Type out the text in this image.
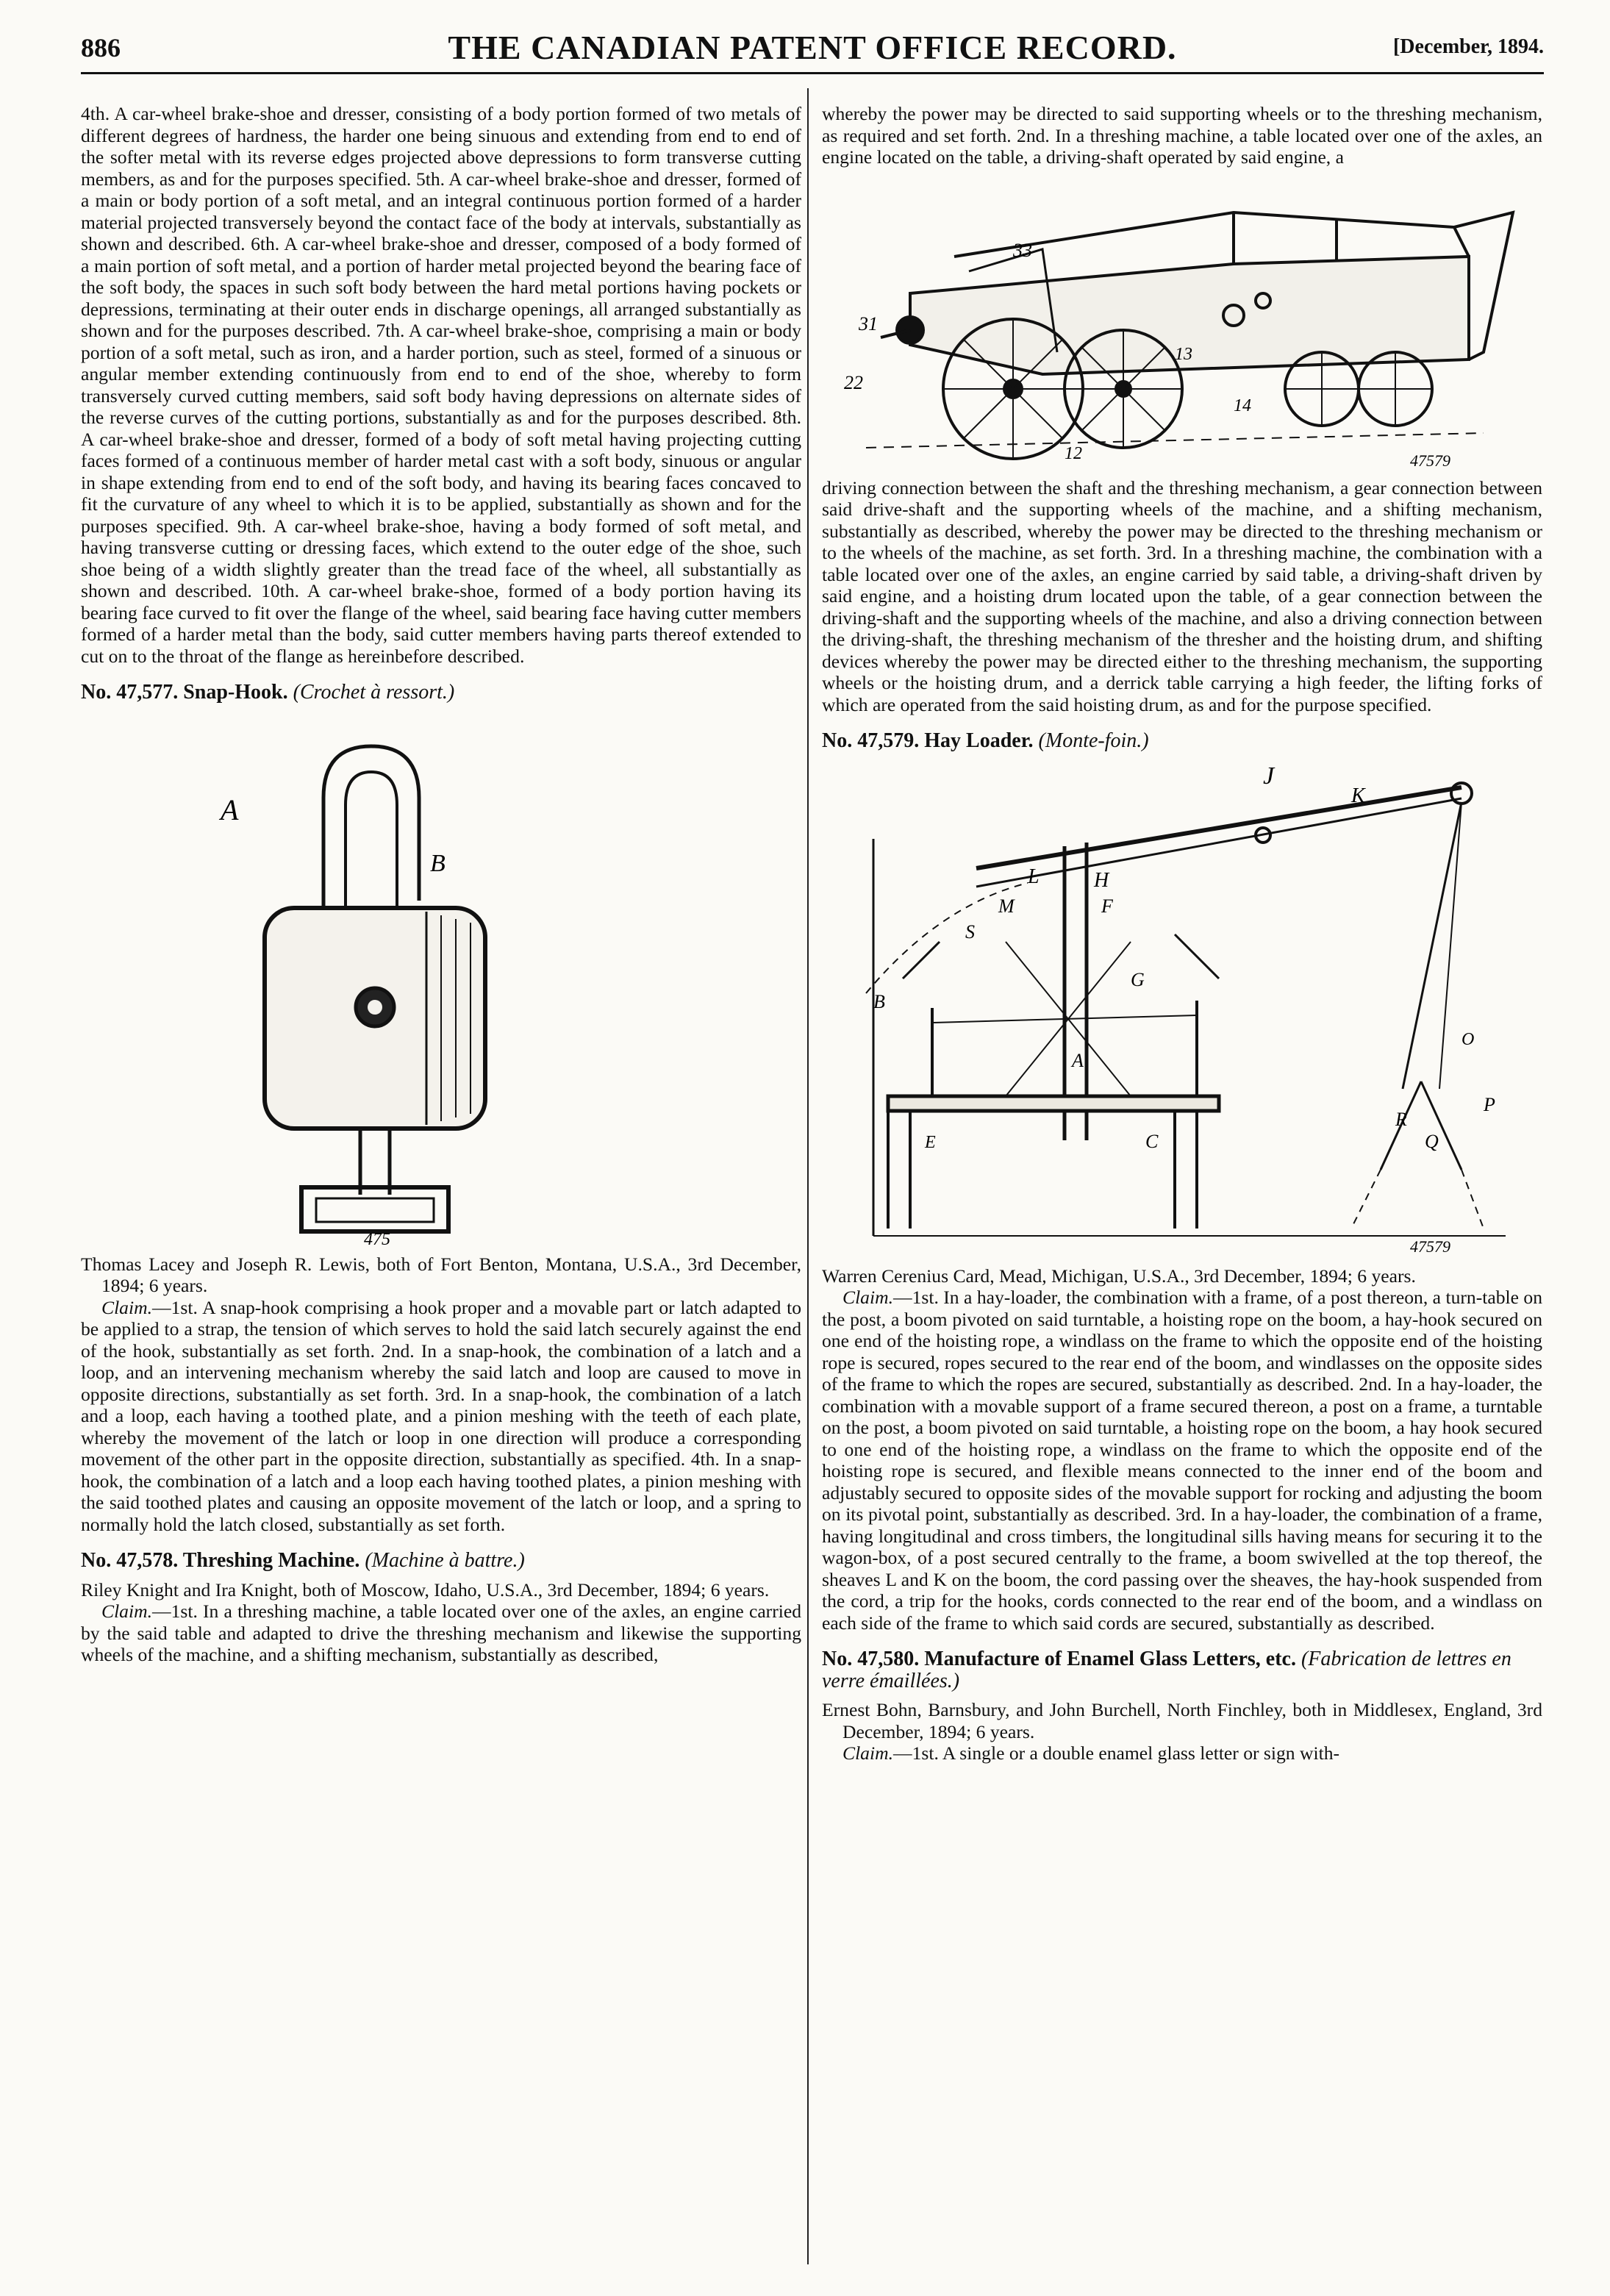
886	THE CANADIAN PATENT OFFICE RECORD.	[December, 1894.

4th. A car-wheel brake-shoe and dresser, consisting of a body portion formed of two metals of different degrees of hardness, the harder one being sinuous and extending from end to end of the softer metal with its reverse edges projected above depressions to form transverse cutting members, as and for the purposes specified. 5th. A car-wheel brake-shoe and dresser, formed of a main or body portion of a soft metal, and an integral continuous portion formed of a harder material projected transversely beyond the contact face of the body at intervals, substantially as shown and described. 6th. A car-wheel brake-shoe and dresser, composed of a body formed of a main portion of soft metal, and a portion of harder metal projected beyond the bearing face of the soft body, the spaces in such soft body between the hard metal portions having pockets or depressions, terminating at their outer ends in discharge openings, all arranged substantially as shown and for the purposes described. 7th. A car-wheel brake-shoe, comprising a main or body portion of a soft metal, such as iron, and a harder portion, such as steel, formed of a sinuous or angular member extending continuously from end to end of the shoe, whereby to form transversely curved cutting members, said soft body having depressions on alternate sides of the reverse curves of the cutting portions, substantially as and for the purposes described. 8th. A car-wheel brake-shoe and dresser, formed of a body of soft metal having projecting cutting faces formed of a continuous member of harder metal cast with a soft body, sinuous or angular in shape extending from end to end of the soft body, and having its bearing faces concaved to fit the curvature of any wheel to which it is to be applied, substantially as shown and for the purposes specified. 9th. A car-wheel brake-shoe, having a body formed of soft metal, and having transverse cutting or dressing faces, which extend to the outer edge of the shoe, such shoe being of a width slightly greater than the tread face of the wheel, all substantially as shown and described. 10th. A car-wheel brake-shoe, formed of a body portion having its bearing face curved to fit over the flange of the wheel, said bearing face having cutter members formed of a harder metal than the body, said cutter members having parts thereof extended to cut on to the throat of the flange as hereinbefore described.

No. 47,577. Snap-Hook. (Crochet à ressort.)
A
B
475

Thomas Lacey and Joseph R. Lewis, both of Fort Benton, Montana, U.S.A., 3rd December, 1894; 6 years.

Claim.—1st. A snap-hook comprising a hook proper and a movable part or latch adapted to be applied to a strap, the tension of which serves to hold the said latch securely against the end of the hook, substantially as set forth. 2nd. In a snap-hook, the combination of a latch and a loop, and an intervening mechanism whereby the said latch and loop are caused to move in opposite directions, substantially as set forth. 3rd. In a snap-hook, the combination of a latch and a loop, each having a toothed plate, and a pinion meshing with the teeth of each plate, whereby the movement of the latch or loop in one direction will produce a corresponding movement of the other part in the opposite direction, substantially as specified. 4th. In a snap-hook, the combination of a latch and a loop each having toothed plates, a pinion meshing with the said toothed plates and causing an opposite movement of the latch or loop, and a spring to normally hold the latch closed, substantially as set forth.

No. 47,578. Threshing Machine. (Machine à battre.)

Riley Knight and Ira Knight, both of Moscow, Idaho, U.S.A., 3rd December, 1894; 6 years.

Claim.—1st. In a threshing machine, a table located over one of the axles, an engine carried by the said table and adapted to drive the threshing mechanism and likewise the supporting wheels of the machine, and a shifting mechanism, substantially as described,

whereby the power may be directed to said supporting wheels or to the threshing mechanism, as required and set forth. 2nd. In a threshing machine, a table located over one of the axles, an engine located on the table, a driving-shaft operated by said engine, a

33
31
22
13
12
14
47579

driving connection between the shaft and the threshing mechanism, a gear connection between said drive-shaft and the supporting wheels of the machine, and a shifting mechanism, substantially as described, whereby the power may be directed to the threshing mechanism or to the wheels of the machine, as set forth. 3rd. In a threshing machine, the combination with a table located over one of the axles, an engine carried by said table, a driving-shaft driven by said engine, and a hoisting drum located upon the table, of a gear connection between the driving-shaft and the supporting wheels of the machine, and also a driving connection between the driving-shaft, the threshing mechanism of the thresher and the hoisting drum, and shifting devices whereby the power may be directed either to the threshing mechanism, the supporting wheels or the hoisting drum, and a derrick table carrying a high feeder, the lifting forks of which are operated from the said hoisting drum, as and for the purpose specified.

No. 47,579. Hay Loader. (Monte-foin.)
J
K
L	H
M	F
S
B
G
A
E	C
O
P
R
Q
47579

Warren Cerenius Card, Mead, Michigan, U.S.A., 3rd December, 1894; 6 years.

Claim.—1st. In a hay-loader, the combination with a frame, of a post thereon, a turn-table on the post, a boom pivoted on said turntable, a hoisting rope on the boom, a hay-hook secured on one end of the hoisting rope, a windlass on the frame to which the opposite end of the hoisting rope is secured, ropes secured to the rear end of the boom, and windlasses on the opposite sides of the frame to which the ropes are secured, substantially as described. 2nd. In a hay-loader, the combination with a movable support of a frame secured thereon, a post on a frame, a turntable on the post, a boom pivoted on said turntable, a hoisting rope on the boom, a hay hook secured to one end of the hoisting rope, a windlass on the frame to which the opposite end of the hoisting rope is secured, and flexible means connected to the inner end of the boom and adjustably secured to opposite sides of the movable support for rocking and adjusting the boom on its pivotal point, substantially as described. 3rd. In a hay-loader, the combination of a frame, having longitudinal and cross timbers, the longitudinal sills having means for securing it to the wagon-box, of a post secured centrally to the frame, a boom swivelled at the top thereof, the sheaves L and K on the boom, the cord passing over the sheaves, the hay-hook suspended from the cord, a trip for the hooks, cords connected to the rear end of the boom, and a windlass on each side of the frame to which said cords are secured, substantially as described.

No. 47,580. Manufacture of Enamel Glass Letters, etc. (Fabrication de lettres en verre émaillées.)

Ernest Bohn, Barnsbury, and John Burchell, North Finchley, both in Middlesex, England, 3rd December, 1894; 6 years.

Claim.—1st. A single or a double enamel glass letter or sign with-
